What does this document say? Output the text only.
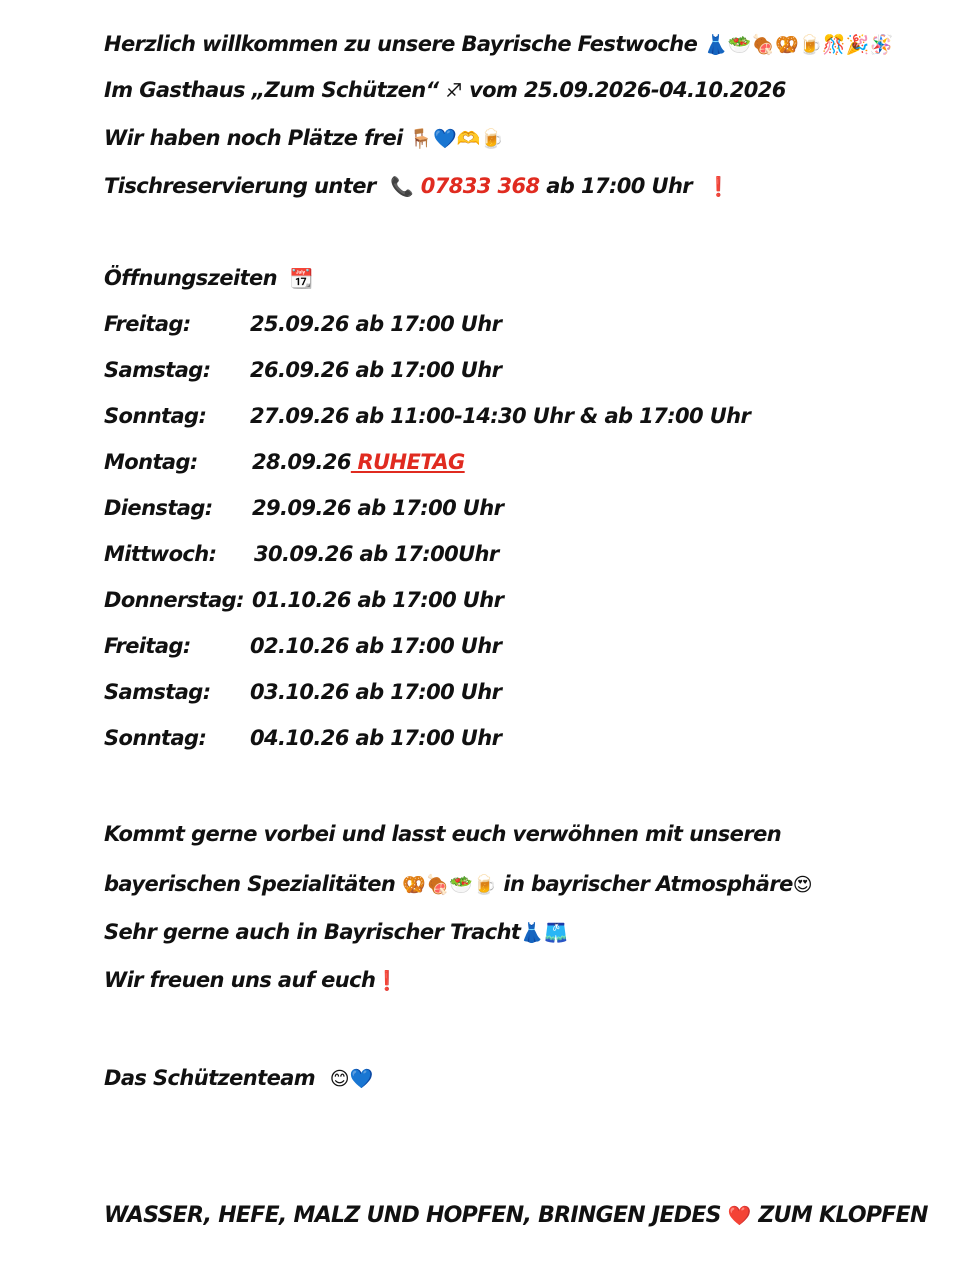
Herzlich willkommen zu unsere Bayrische Festwoche 👗🥗🍖🥨🍺🎊🎉🪅
Im Gasthaus „Zum Schützen“ ♐ vom 25.09.2026-04.10.2026
Wir haben noch Plätze frei 🪑💙🫶🍺
Tischreservierung unter 📞 07833 368 ab 17:00 Uhr ❗
Öffnungszeiten 📆
Freitag:	25.09.26 ab 17:00 Uhr
Samstag: 26.09.26 ab 17:00 Uhr
Sonntag: 27.09.26 ab 11:00-14:30 Uhr & ab 17:00 Uhr
Montag:	28.09.26 RUHETAG
Dienstag: 29.09.26 ab 17:00 Uhr
Mittwoch: 30.09.26 ab 17:00Uhr
Donnerstag: 01.10.26 ab 17:00 Uhr
Freitag:	02.10.26 ab 17:00 Uhr
Samstag: 03.10.26 ab 17:00 Uhr
Sonntag: 04.10.26 ab 17:00 Uhr
Kommt gerne vorbei und lasst euch verwöhnen mit unseren
bayerischen Spezialitäten 🥨🍖🥗🍺 in bayrischer Atmosphäre😍
Sehr gerne auch in Bayrischer Tracht👗🩳
Wir freuen uns auf euch❗
Das Schützenteam 😊💙
WASSER, HEFE, MALZ UND HOPFEN, BRINGEN JEDES ❤️ ZUM KLOPFEN
